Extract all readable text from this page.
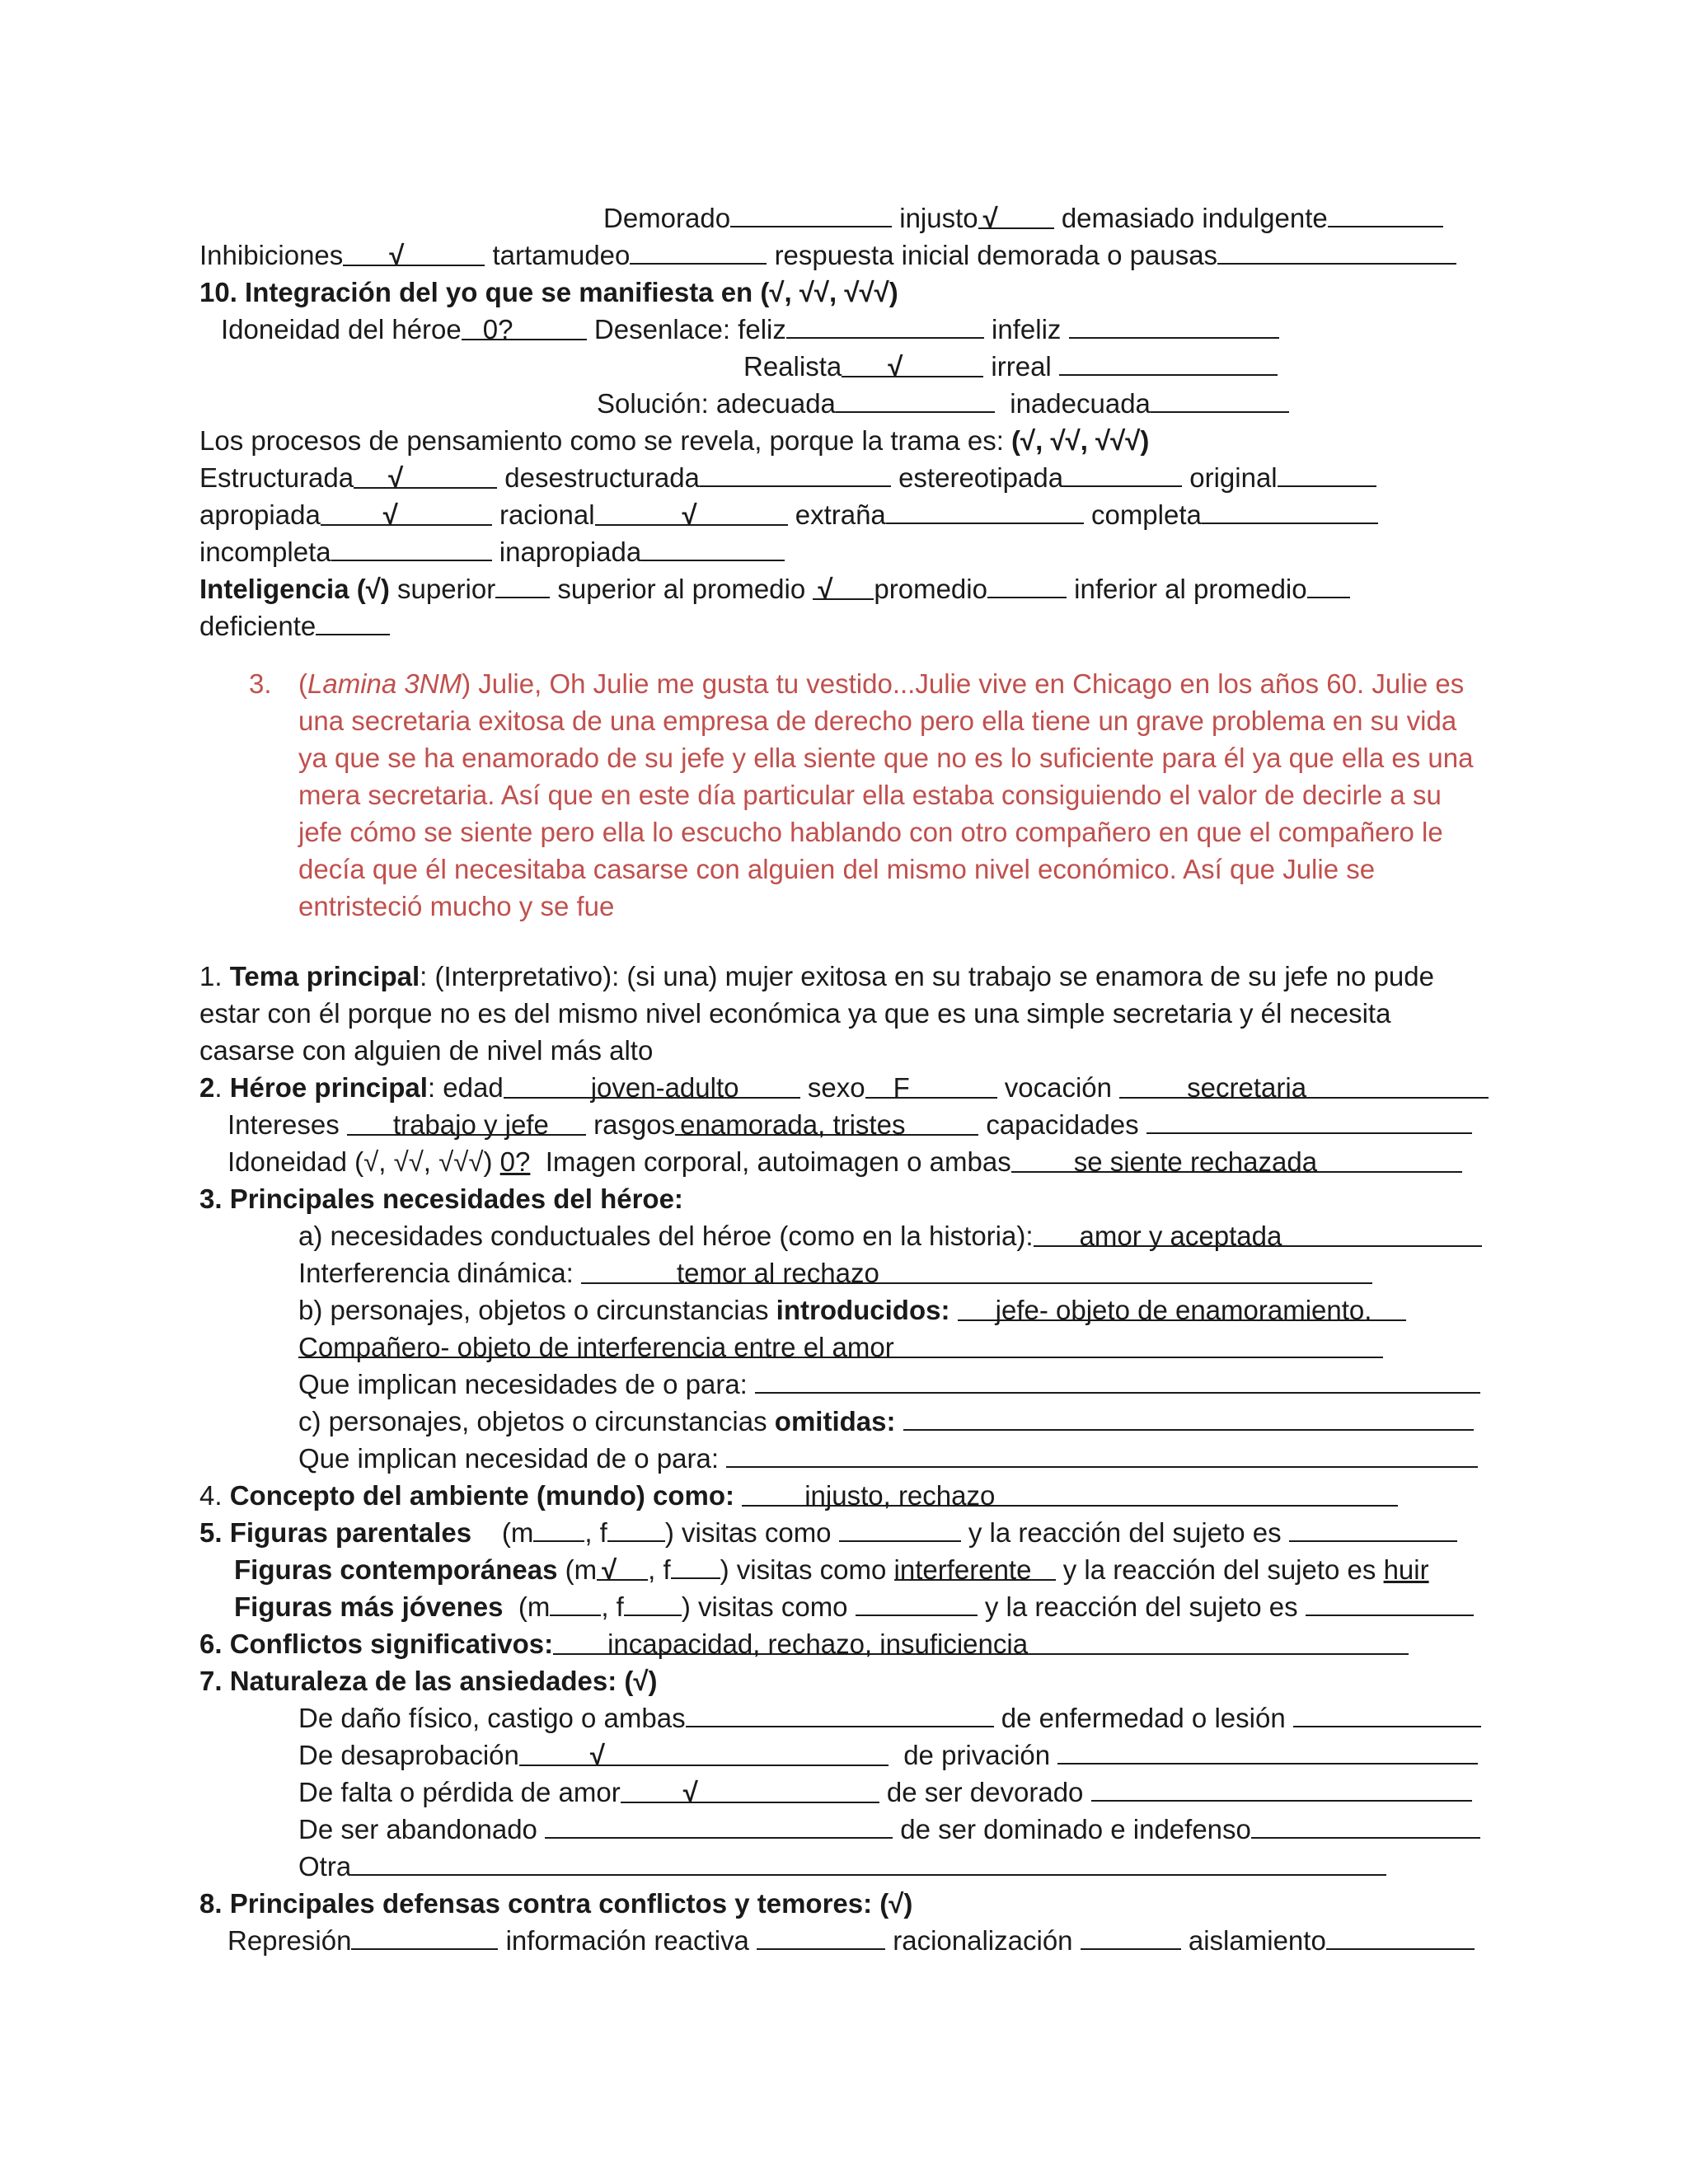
Demorado	injusto √ demasiado indulgente
Inhibiciones √	tartamudeo	respuesta inicial demorada o pausas
10. Integración del yo que se manifiesta en (√, √√, √√√)
Idoneidad del héroe 0?	Desenlace: feliz	infeliz
Realista √	irreal
Solución: adecuada	inadecuada
Los procesos de pensamiento como se revela, porque la trama es: (√, √√, √√√)
Estructurada √	desestructurada	estereotipada	original
apropiada √	racional	√	extraña	completa
incompleta	inapropiada
Inteligencia (√) superior superior al promedio √ promedio	inferior al promedio
deficiente
3. (Lamina 3NM) Julie, Oh Julie me gusta tu vestido...Julie vive en Chicago en los años 60. Julie es

una secretaria exitosa de una empresa de derecho pero ella tiene un grave problema en su vida

ya que se ha enamorado de su jefe y ella siente que no es lo suficiente para él ya que ella es una

mera secretaria. Así que en este día particular ella estaba consiguiendo el valor de decirle a su

jefe cómo se siente pero ella lo escucho hablando con otro compañero en que el compañero le

decía que él necesitaba casarse con alguien del mismo nivel económico. Así que Julie se

entristeció mucho y se fue

1. Tema principal: (Interpretativo): (si una) mujer exitosa en su trabajo se enamora de su jefe no pude
estar con él porque no es del mismo nivel económica ya que es una simple secretaria y él necesita
casarse con alguien de nivel más alto
2. Héroe principal: edad	joven-adulto	sexo F	vocación	secretaria
Intereses trabajo y jefe rasgos enamorada, tristes	capacidades
Idoneidad (√, √√, √√√) 0? Imagen corporal, autoimagen o ambas se siente rechazada
3. Principales necesidades del héroe:
a) necesidades conductuales del héroe (como en la historia): amor y aceptada
Interferencia dinámica:	temor al rechazo
b) personajes, objetos o circunstancias introducidos: jefe- objeto de enamoramiento.
Compañero- objeto de interferencia entre el amor
Que implican necesidades de o para:
c) personajes, objetos o circunstancias omitidas:
Que implican necesidad de o para:
4. Concepto del ambiente (mundo) como:	injusto, rechazo
5. Figuras parentales (m , f ) visitas como	y la reacción del sujeto es
Figuras contemporáneas (m √ , f ) visitas como interferente y la reacción del sujeto es huir
Figuras más jóvenes (m , f ) visitas como	y la reacción del sujeto es
6. Conflictos significativos: incapacidad, rechazo, insuficiencia
7. Naturaleza de las ansiedades: (√)
De daño físico, castigo o ambas	de enfermedad o lesión
De desaprobación	√	de privación
De falta o pérdida de amor √	de ser devorado
De ser abandonado	de ser dominado e indefenso
Otra
8. Principales defensas contra conflictos y temores: (√)
Represión	información reactiva	racionalización	aislamiento
